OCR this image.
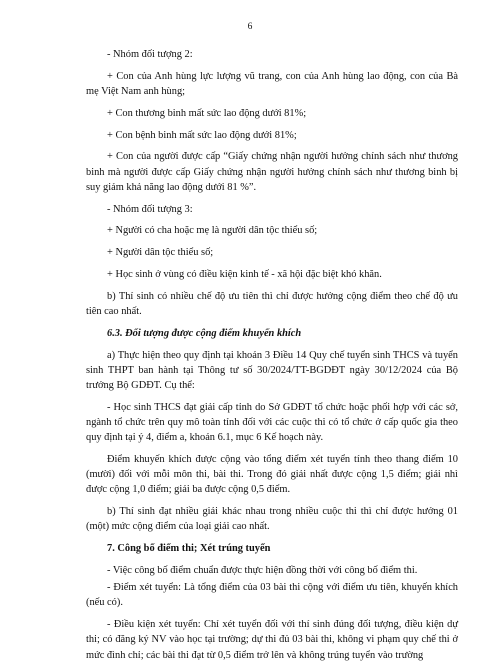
6

- Nhóm đối tượng 2:

+ Con của Anh hùng lực lượng vũ trang, con của Anh hùng lao động, con của Bà mẹ Việt Nam anh hùng;

+ Con thương binh mất sức lao động dưới 81%;

+ Con bệnh binh mất sức lao động dưới 81%;

+ Con của người được cấp “Giấy chứng nhận người hưởng chính sách như thương binh mà người được cấp Giấy chứng nhận người hưởng chính sách như thương binh bị suy giảm khả năng lao động dưới 81 %”.

- Nhóm đối tượng 3:

+ Người có cha hoặc mẹ là người dân tộc thiểu số;

+ Người dân tộc thiểu số;

+ Học sinh ở vùng có điều kiện kinh tế - xã hội đặc biệt khó khăn.

b) Thí sinh có nhiều chế độ ưu tiên thì chỉ được hưởng cộng điểm theo chế độ ưu tiên cao nhất.

6.3. Đối tượng được cộng điểm khuyến khích

a) Thực hiện theo quy định tại khoản 3 Điều 14 Quy chế tuyển sinh THCS và tuyển sinh THPT ban hành tại Thông tư số 30/2024/TT-BGDĐT ngày 30/12/2024 của Bộ trưởng Bộ GDĐT. Cụ thể:

- Học sinh THCS đạt giải cấp tỉnh do Sở GDĐT tổ chức hoặc phối hợp với các sở, ngành tổ chức trên quy mô toàn tỉnh đối với các cuộc thi có tổ chức ở cấp quốc gia theo quy định tại ý 4, điểm a, khoản 6.1, mục 6 Kế hoạch này.

Điểm khuyến khích được cộng vào tổng điểm xét tuyển tính theo thang điểm 10 (mười) đối với mỗi môn thi, bài thi. Trong đó giải nhất được cộng 1,5 điểm; giải nhì được cộng 1,0 điểm; giải ba được cộng 0,5 điểm.

b) Thí sinh đạt nhiều giải khác nhau trong nhiều cuộc thi thì chỉ được hưởng 01 (một) mức cộng điểm của loại giải cao nhất.

7. Công bố điểm thi; Xét trúng tuyển

- Việc công bố điểm chuẩn được thực hiện đồng thời với công bố điểm thi.

- Điểm xét tuyển: Là tổng điểm của 03 bài thi cộng với điểm ưu tiên, khuyến khích (nếu có).

- Điều kiện xét tuyển: Chỉ xét tuyển đối với thí sinh đúng đối tượng, điều kiện dự thi; có đăng ký NV vào học tại trường; dự thi đủ 03 bài thi, không vi phạm quy chế thi ở mức đình chỉ; các bài thi đạt từ 0,5 điểm trở lên và không trúng tuyển vào trường
